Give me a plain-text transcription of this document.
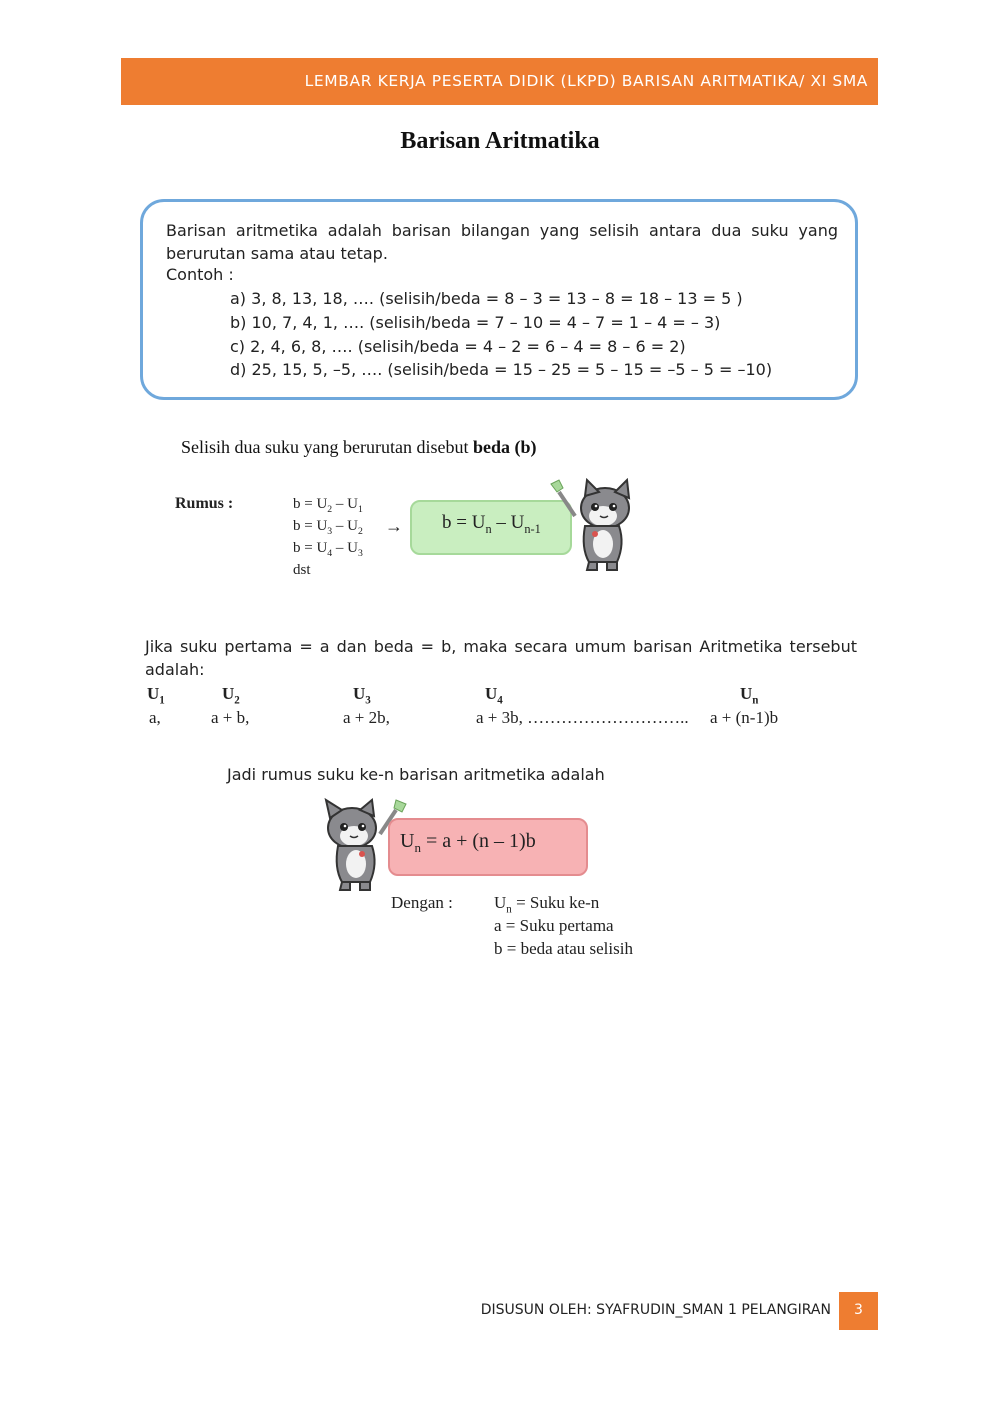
LEMBAR KERJA PESERTA DIDIK (LKPD) BARISAN ARITMATIKA/ XI SMA
Barisan Aritmatika
Barisan aritmetika adalah barisan bilangan yang selisih antara dua suku yang berurutan sama atau tetap.
Contoh :
a) 3, 8, 13, 18, …. (selisih/beda = 8 – 3 = 13 – 8 = 18 – 13 = 5 )
b) 10, 7, 4, 1, …. (selisih/beda = 7 – 10 = 4 – 7 = 1 – 4 = – 3)
c) 2, 4, 6, 8, …. (selisih/beda = 4 – 2 = 6 – 4 = 8 – 6 = 2)
d) 25, 15, 5, –5, …. (selisih/beda = 15 – 25 = 5 – 15 = –5 – 5 = –10)
Selisih dua suku yang berurutan disebut beda (b)
Rumus :	$b = U_2 - U_1$
$b = U_3 - U_2$
$b = U_4 - U_3$
dst
→ $b = U_n - U_{n-1}$
Jika suku pertama = a dan beda = b, maka secara umum barisan Aritmetika tersebut adalah:
$U_1$	$U_2$	$U_3$	$U_4$	$U_n$
a,	a + b,	a + 2b,	a + 3b, ……………………….. a + (n-1)b
Jadi rumus suku ke-n barisan aritmetika adalah
$U_n = a + (n - 1)b$
Dengan : $U_n$ = Suku ke-n
a = Suku pertama
b = beda atau selisih
DISUSUN OLEH: SYAFRUDIN_SMAN 1 PELANGIRAN	3
